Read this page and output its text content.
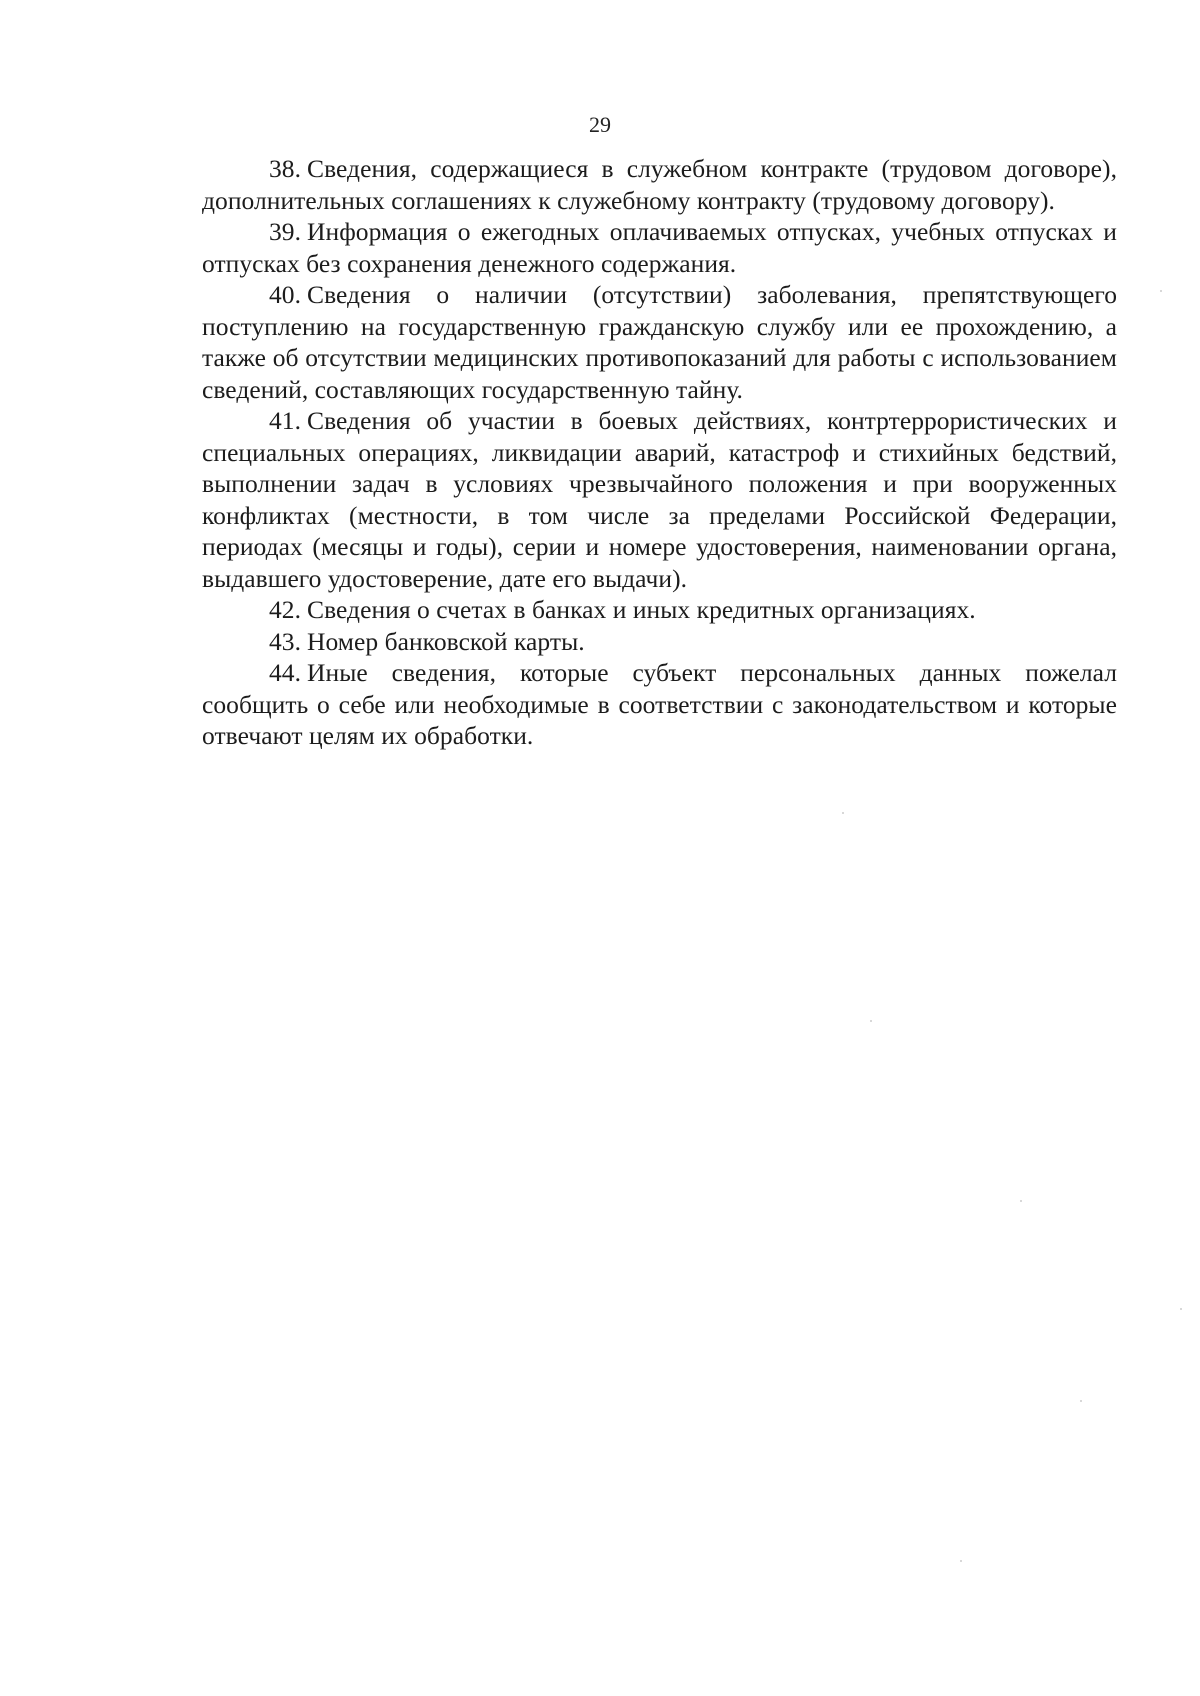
29

38. Сведения, содержащиеся в служебном контракте (трудовом договоре), дополнительных соглашениях к служебному контракту (трудовому договору).

39. Информация о ежегодных оплачиваемых отпусках, учебных отпусках и отпусках без сохранения денежного содержания.

40. Сведения о наличии (отсутствии) заболевания, препятствующего поступлению на государственную гражданскую службу или ее прохождению, а также об отсутствии медицинских противопоказаний для работы с использованием сведений, составляющих государственную тайну.

41. Сведения об участии в боевых действиях, контртеррористических и специальных операциях, ликвидации аварий, катастроф и стихийных бедствий, выполнении задач в условиях чрезвычайного положения и при вооруженных конфликтах (местности, в том числе за пределами Российской Федерации, периодах (месяцы и годы), серии и номере удостоверения, наименовании органа, выдавшего удостоверение, дате его выдачи).

42. Сведения о счетах в банках и иных кредитных организациях.

43. Номер банковской карты.

44. Иные сведения, которые субъект персональных данных пожелал сообщить о себе или необходимые в соответствии с законодательством и которые отвечают целям их обработки.
